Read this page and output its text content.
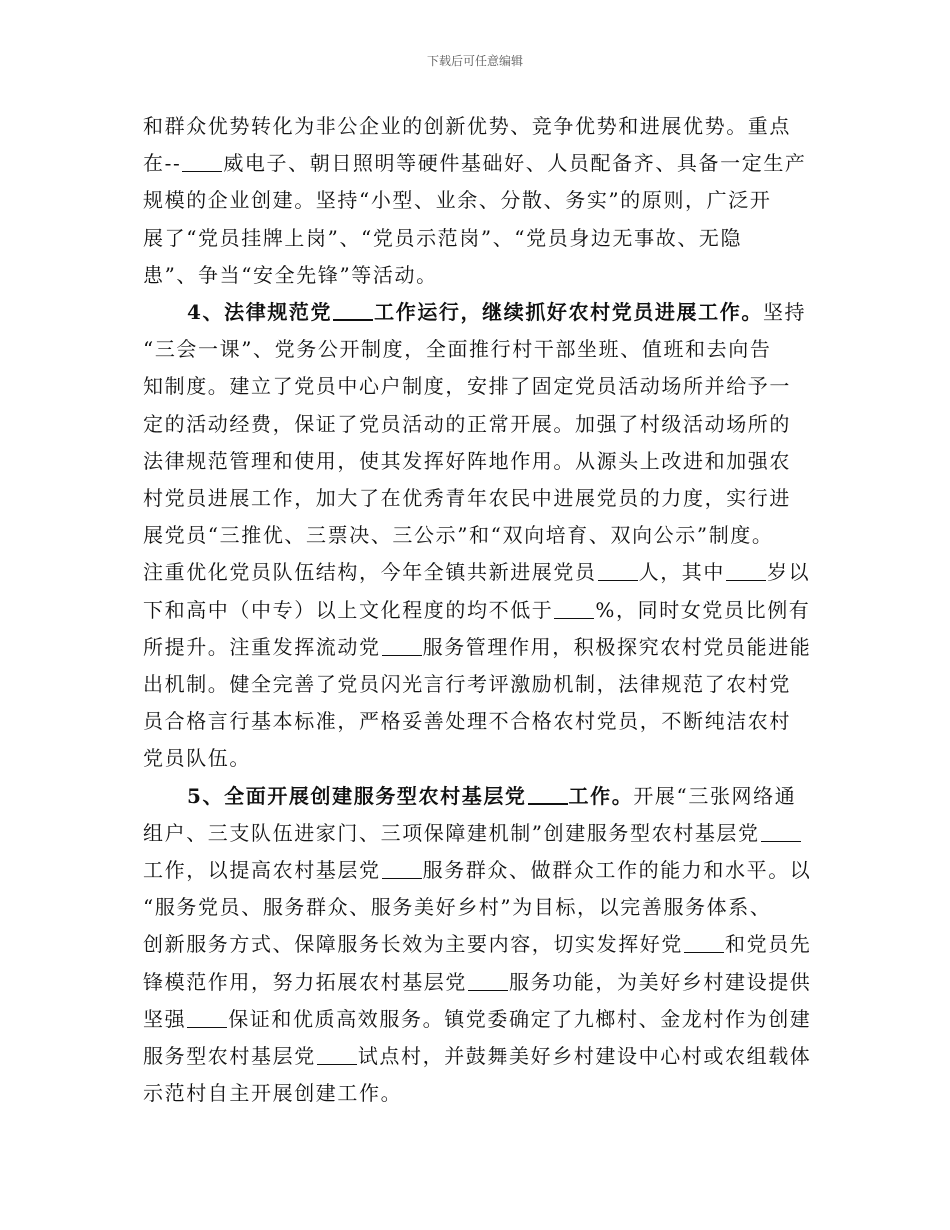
下载后可任意编辑
和群众优势转化为非公企业的创新优势、竞争优势和进展优势。重点
在-- 威电子、朝日照明等硬件基础好、人员配备齐、具备一定生产
规模的企业创建。坚持“小型、业余、分散、务实”的原则，广泛开
展了“党员挂牌上岗”、“党员示范岗”、“党员身边无事故、无隐
患”、争当“安全先锋”等活动。
4、法律规范党 工作运行，继续抓好农村党员进展工作。坚持
“三会一课”、党务公开制度，全面推行村干部坐班、值班和去向告
知制度。建立了党员中心户制度，安排了固定党员活动场所并给予一
定的活动经费，保证了党员活动的正常开展。加强了村级活动场所的
法律规范管理和使用，使其发挥好阵地作用。从源头上改进和加强农
村党员进展工作，加大了在优秀青年农民中进展党员的力度，实行进
展党员“三推优、三票决、三公示”和“双向培育、双向公示”制度。
注重优化党员队伍结构，今年全镇共新进展党员 人，其中 岁以
下和高中（中专）以上文化程度的均不低于 %，同时女党员比例有
所提升。注重发挥流动党 服务管理作用，积极探究农村党员能进能
出机制。健全完善了党员闪光言行考评激励机制，法律规范了农村党
员合格言行基本标准，严格妥善处理不合格农村党员，不断纯洁农村
党员队伍。
5、全面开展创建服务型农村基层党 工作。开展“三张网络通
组户、三支队伍进家门、三项保障建机制”创建服务型农村基层党
工作，以提高农村基层党 服务群众、做群众工作的能力和水平。以
“服务党员、服务群众、服务美好乡村”为目标，以完善服务体系、
创新服务方式、保障服务长效为主要内容，切实发挥好党 和党员先
锋模范作用，努力拓展农村基层党 服务功能，为美好乡村建设提供
坚强 保证和优质高效服务。镇党委确定了九榔村、金龙村作为创建
服务型农村基层党 试点村，并鼓舞美好乡村建设中心村或农组载体
示范村自主开展创建工作。
